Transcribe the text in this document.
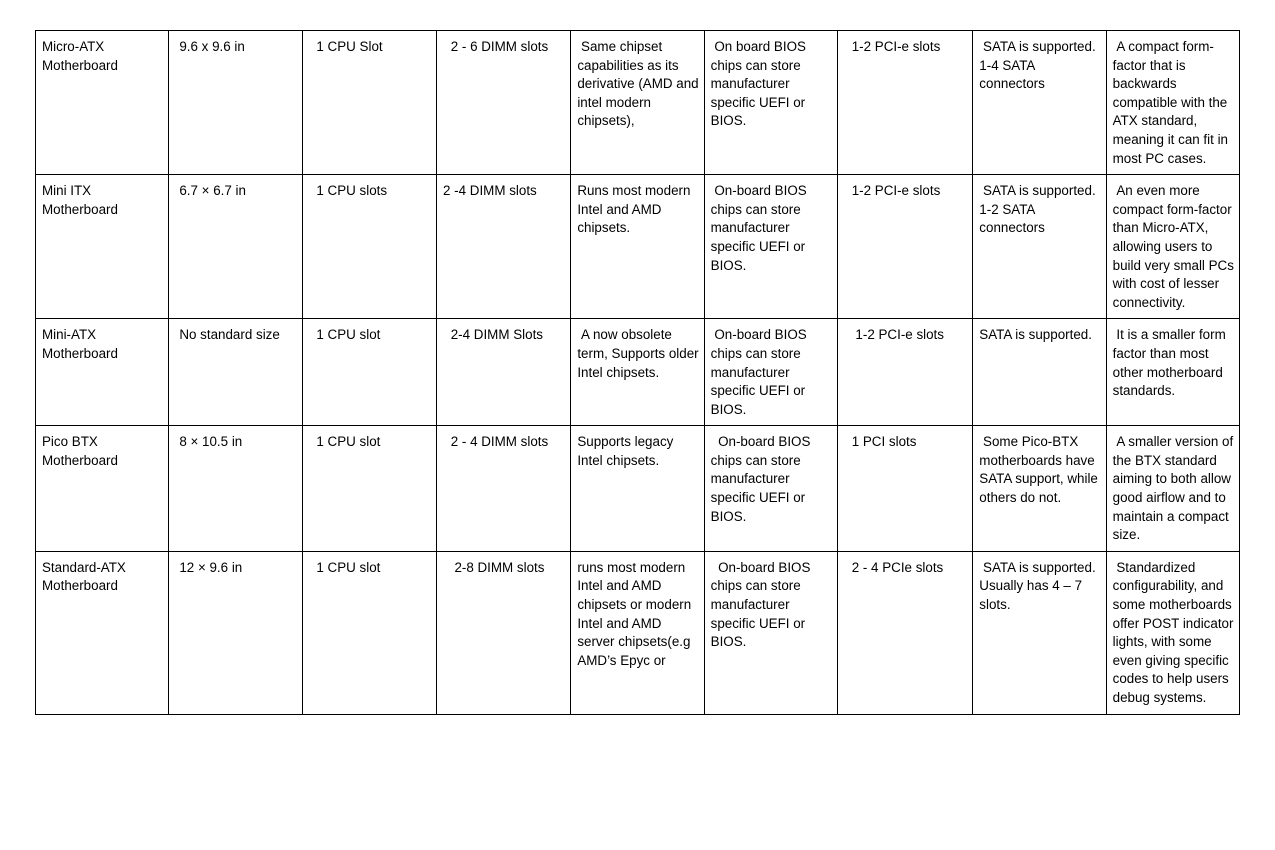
Micro-ATX Motherboard	9.6 x 9.6 in	1 CPU Slot	2 - 6 DIMM slots	Same chipset capabilities as its derivative (AMD and intel modern chipsets),	On board BIOS chips can store manufacturer specific UEFI or BIOS.	1-2 PCI-e slots	SATA is supported. 1-4 SATA connectors	A compact form-factor that is backwards compatible with the ATX standard, meaning it can fit in most PC cases.
Mini ITX Motherboard	6.7 × 6.7 in	1 CPU slots	2 -4 DIMM slots	Runs most modern Intel and AMD chipsets.	On-board BIOS chips can store manufacturer specific UEFI or BIOS.	1-2 PCI-e slots	SATA is supported. 1-2 SATA connectors	An even more compact form-factor than Micro-ATX, allowing users to build very small PCs with cost of lesser connectivity.
Mini-ATX Motherboard	No standard size	1 CPU slot	2-4 DIMM Slots	A now obsolete term, Supports older Intel chipsets.	On-board BIOS chips can store manufacturer specific UEFI or BIOS.	1-2 PCI-e slots	SATA is supported.	It is a smaller form factor than most other motherboard standards.
Pico BTX Motherboard	8 × 10.5 in	1 CPU slot	2 - 4 DIMM slots	Supports legacy Intel chipsets.	On-board BIOS chips can store manufacturer specific UEFI or BIOS.	1 PCI slots	Some Pico-BTX motherboards have SATA support, while others do not.	A smaller version of the BTX standard aiming to both allow good airflow and to maintain a compact size.
Standard-ATX Motherboard	12 × 9.6 in	1 CPU slot	2-8 DIMM slots	runs most modern Intel and AMD chipsets or modern Intel and AMD server chipsets(e.g AMD’s Epyc or	On-board BIOS chips can store manufacturer specific UEFI or BIOS.	2 - 4 PCIe slots	SATA is supported. Usually has 4 – 7 slots.	Standardized configurability, and some motherboards offer POST indicator lights, with some even giving specific codes to help users debug systems.
